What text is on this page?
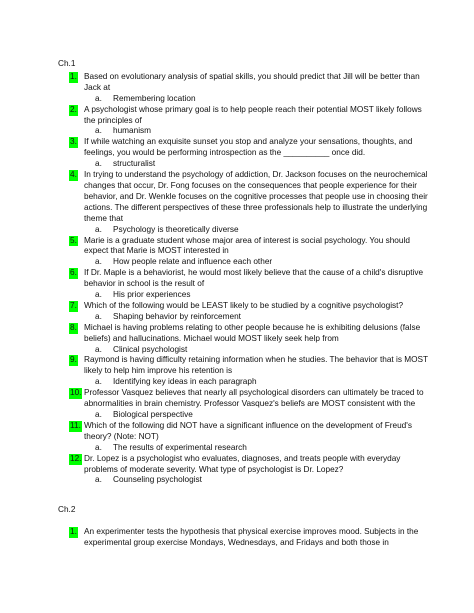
Ch.1
1. Based on evolutionary analysis of spatial skills, you should predict that Jill will be better than Jack at
a. Remembering location
2. A psychologist whose primary goal is to help people reach their potential MOST likely follows the principles of
a. humanism
3. If while watching an exquisite sunset you stop and analyze your sensations, thoughts, and feelings, you would be performing introspection as the __________ once did.
a. structuralist
4. In trying to understand the psychology of addiction, Dr. Jackson focuses on the neurochemical changes that occur, Dr. Fong focuses on the consequences that people experience for their behavior, and Dr. Wenkle focuses on the cognitive processes that people use in choosing their actions. The different perspectives of these three professionals help to illustrate the underlying theme that
a. Psychology is theoretically diverse
5. Marie is a graduate student whose major area of interest is social psychology. You should expect that Marie is MOST interested in
a. How people relate and influence each other
6. If Dr. Maple is a behaviorist, he would most likely believe that the cause of a child's disruptive behavior in school is the result of
a. His prior experiences
7. Which of the following would be LEAST likely to be studied by a cognitive psychologist?
a. Shaping behavior by reinforcement
8. Michael is having problems relating to other people because he is exhibiting delusions (false beliefs) and hallucinations. Michael would MOST likely seek help from
a. Clinical psychologist
9. Raymond is having difficulty retaining information when he studies. The behavior that is MOST likely to help him improve his retention is
a. Identifying key ideas in each paragraph
10. Professor Vasquez believes that nearly all psychological disorders can ultimately be traced to abnormalities in brain chemistry. Professor Vasquez's beliefs are MOST consistent with the
a. Biological perspective
11. Which of the following did NOT have a significant influence on the development of Freud's theory? (Note: NOT)
a. The results of experimental research
12. Dr. Lopez is a psychologist who evaluates, diagnoses, and treats people with everyday problems of moderate severity. What type of psychologist is Dr. Lopez?
a. Counseling psychologist
Ch.2
1. An experimenter tests the hypothesis that physical exercise improves mood. Subjects in the experimental group exercise Mondays, Wednesdays, and Fridays and both those in
